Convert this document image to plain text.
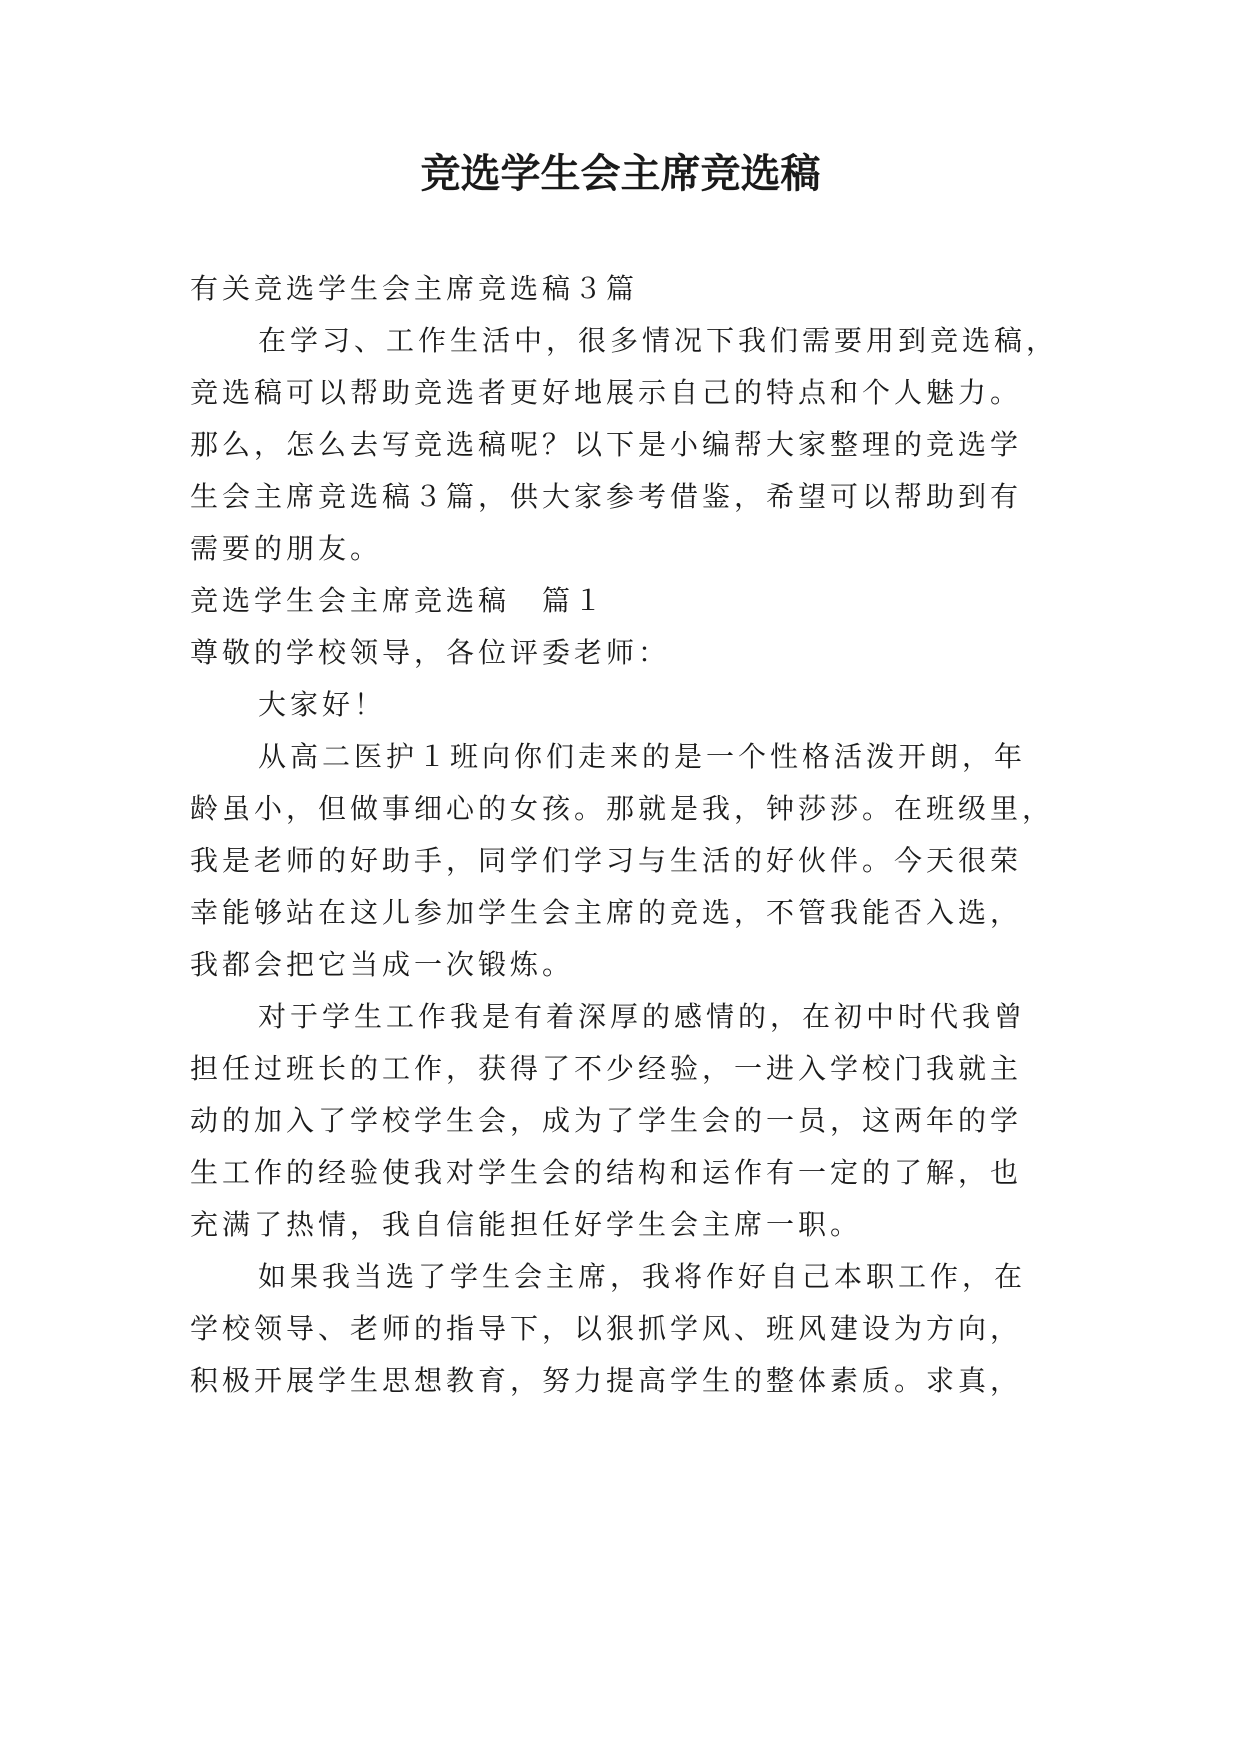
竞选学生会主席竞选稿
有关竞选学生会主席竞选稿３篇
在学习、工作生活中，很多情况下我们需要用到竞选稿，
竞选稿可以帮助竞选者更好地展示自己的特点和个人魅力。
那么，怎么去写竞选稿呢？以下是小编帮大家整理的竞选学
生会主席竞选稿３篇，供大家参考借鉴，希望可以帮助到有
需要的朋友。
竞选学生会主席竞选稿　篇１
尊敬的学校领导，各位评委老师：
大家好！
从高二医护１班向你们走来的是一个性格活泼开朗，年
龄虽小，但做事细心的女孩。那就是我，钟莎莎。在班级里，
我是老师的好助手，同学们学习与生活的好伙伴。今天很荣
幸能够站在这儿参加学生会主席的竞选，不管我能否入选，
我都会把它当成一次锻炼。
对于学生工作我是有着深厚的感情的，在初中时代我曾
担任过班长的工作，获得了不少经验，一进入学校门我就主
动的加入了学校学生会，成为了学生会的一员，这两年的学
生工作的经验使我对学生会的结构和运作有一定的了解，也
充满了热情，我自信能担任好学生会主席一职。
如果我当选了学生会主席，我将作好自己本职工作，在
学校领导、老师的指导下，以狠抓学风、班风建设为方向，
积极开展学生思想教育，努力提高学生的整体素质。求真，
